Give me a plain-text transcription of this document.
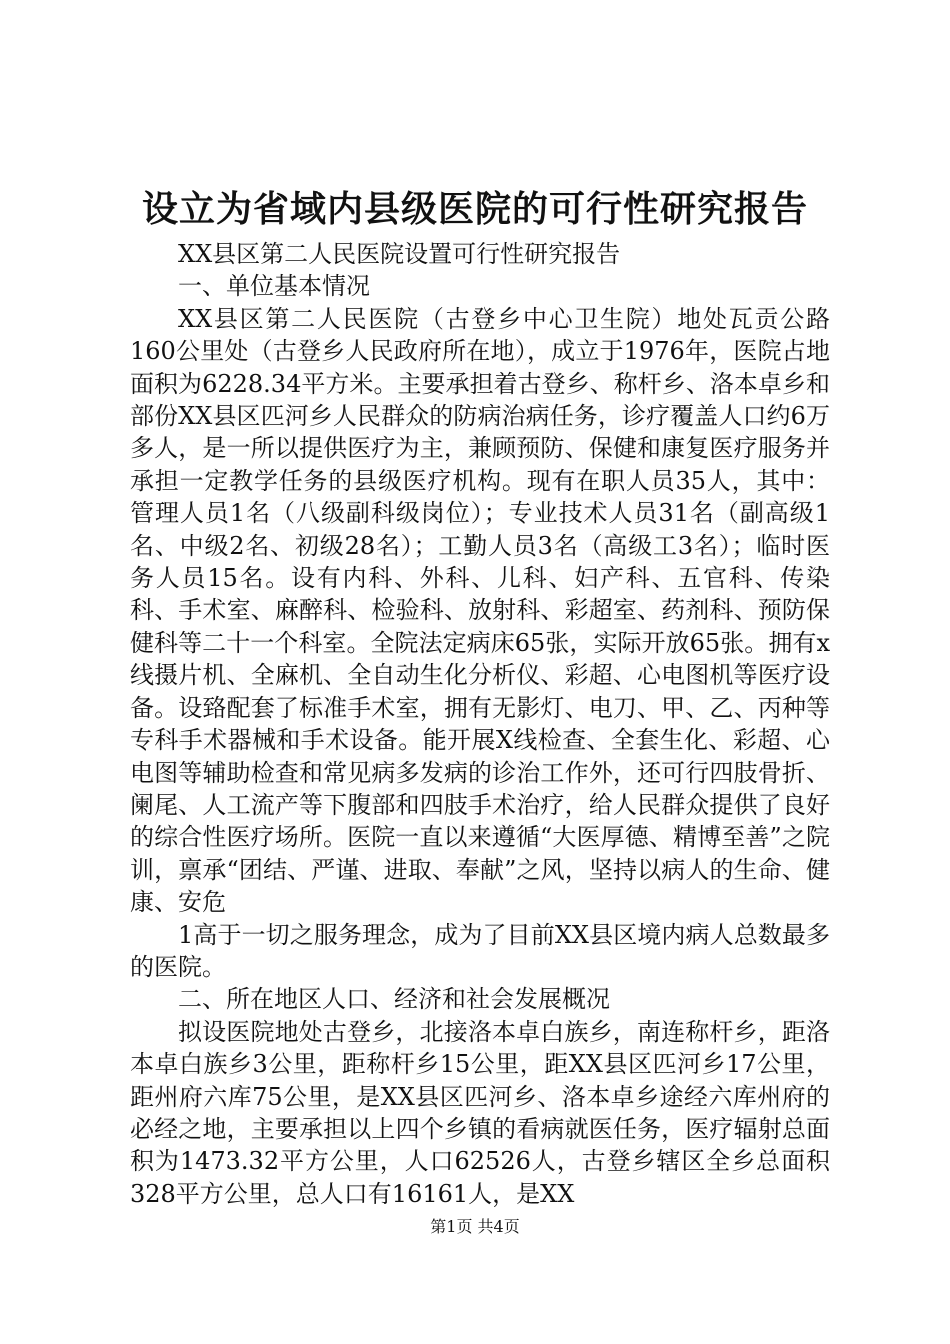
设立为省域内县级医院的可行性研究报告

XX县区第二人民医院设置可行性研究报告

一、单位基本情况

XX县区第二人民医院（古登乡中心卫生院）地处瓦贡公路160公里处（古登乡人民政府所在地），成立于1976年，医院占地面积为6228.34平方米。主要承担着古登乡、称杆乡、洛本卓乡和部份XX县区匹河乡人民群众的防病治病任务，诊疗覆盖人口约6万多人，是一所以提供医疗为主，兼顾预防、保健和康复医疗服务并承担一定教学任务的县级医疗机构。现有在职人员35人，其中：管理人员1名（八级副科级岗位）；专业技术人员31名（副高级1名、中级2名、初级28名）；工勤人员3名（高级工3名）；临时医务人员15名。设有内科、外科、儿科、妇产科、五官科、传染科、手术室、麻醉科、检验科、放射科、彩超室、药剂科、预防保健科等二十一个科室。全院法定病床65张，实际开放65张。拥有x线摄片机、全麻机、全自动生化分析仪、彩超、心电图机等医疗设备。设臵配套了标准手术室，拥有无影灯、电刀、甲、乙、丙种等专科手术器械和手术设备。能开展X线检查、全套生化、彩超、心电图等辅助检查和常见病多发病的诊治工作外，还可行四肢骨折、阑尾、人工流产等下腹部和四肢手术治疗，给人民群众提供了良好的综合性医疗场所。医院一直以来遵循“大医厚德、精博至善”之院训，禀承“团结、严谨、进取、奉献”之风，坚持以病人的生命、健康、安危

1高于一切之服务理念，成为了目前XX县区境内病人总数最多的医院。

二、所在地区人口、经济和社会发展概况

拟设医院地处古登乡，北接洛本卓白族乡，南连称杆乡，距洛本卓白族乡3公里，距称杆乡15公里，距XX县区匹河乡17公里，距州府六库75公里，是XX县区匹河乡、洛本卓乡途经六库州府的必经之地，主要承担以上四个乡镇的看病就医任务，医疗辐射总面积为1473.32平方公里，人口62526人，古登乡辖区全乡总面积328平方公里，总人口有16161人，是XX

第1页 共4页
